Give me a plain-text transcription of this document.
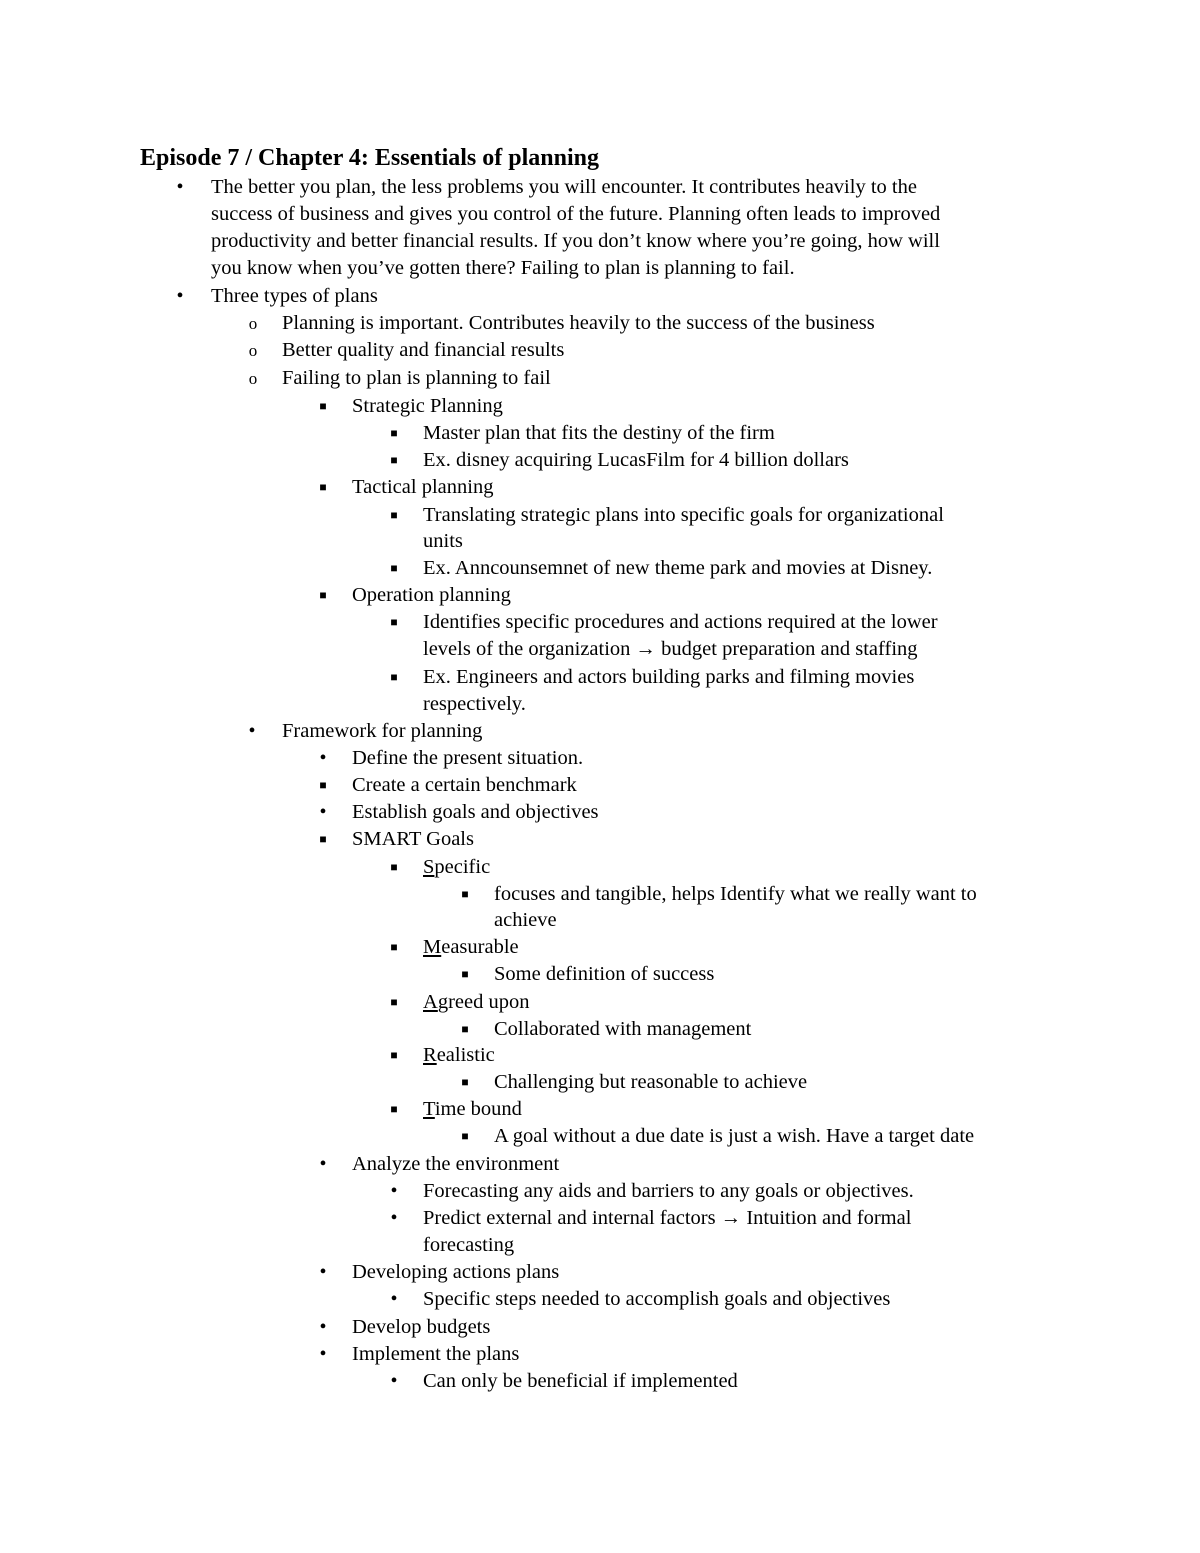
Episode 7 / Chapter 4: Essentials of planning
•	The better you plan, the less problems you will encounter. It contributes heavily to the
success of business and gives you control of the future. Planning often leads to improved
productivity and better financial results. If you don’t know where you’re going, how will
you know when you’ve gotten there? Failing to plan is planning to fail.
•	Three types of plans
o Planning is important. Contributes heavily to the success of the business
o Better quality and financial results
o Failing to plan is planning to fail
■	Strategic Planning
■	Master plan that fits the destiny of the firm
■	Ex. disney acquiring LucasFilm for 4 billion dollars
■	Tactical planning
■	Translating strategic plans into specific goals for organizational
units
■	Ex. Anncounsemnet of new theme park and movies at Disney.
■	Operation planning
■	Identifies specific procedures and actions required at the lower
levels of the organization → budget preparation and staffing
■	Ex. Engineers and actors building parks and filming movies
respectively.
•	Framework for planning
•	Define the present situation.
■	Create a certain benchmark
•	Establish goals and objectives
■	SMART Goals
■	Specific
■	focuses and tangible, helps Identify what we really want to
achieve
■	Measurable
■	Some definition of success
■	Agreed upon
■	Collaborated with management
■	Realistic
■	Challenging but reasonable to achieve
■	Time bound
■	A goal without a due date is just a wish. Have a target date
•	Analyze the environment
•	Forecasting any aids and barriers to any goals or objectives.
•	Predict external and internal factors → Intuition and formal
forecasting
•	Developing actions plans
•	Specific steps needed to accomplish goals and objectives
•	Develop budgets
•	Implement the plans
•	Can only be beneficial if implemented
